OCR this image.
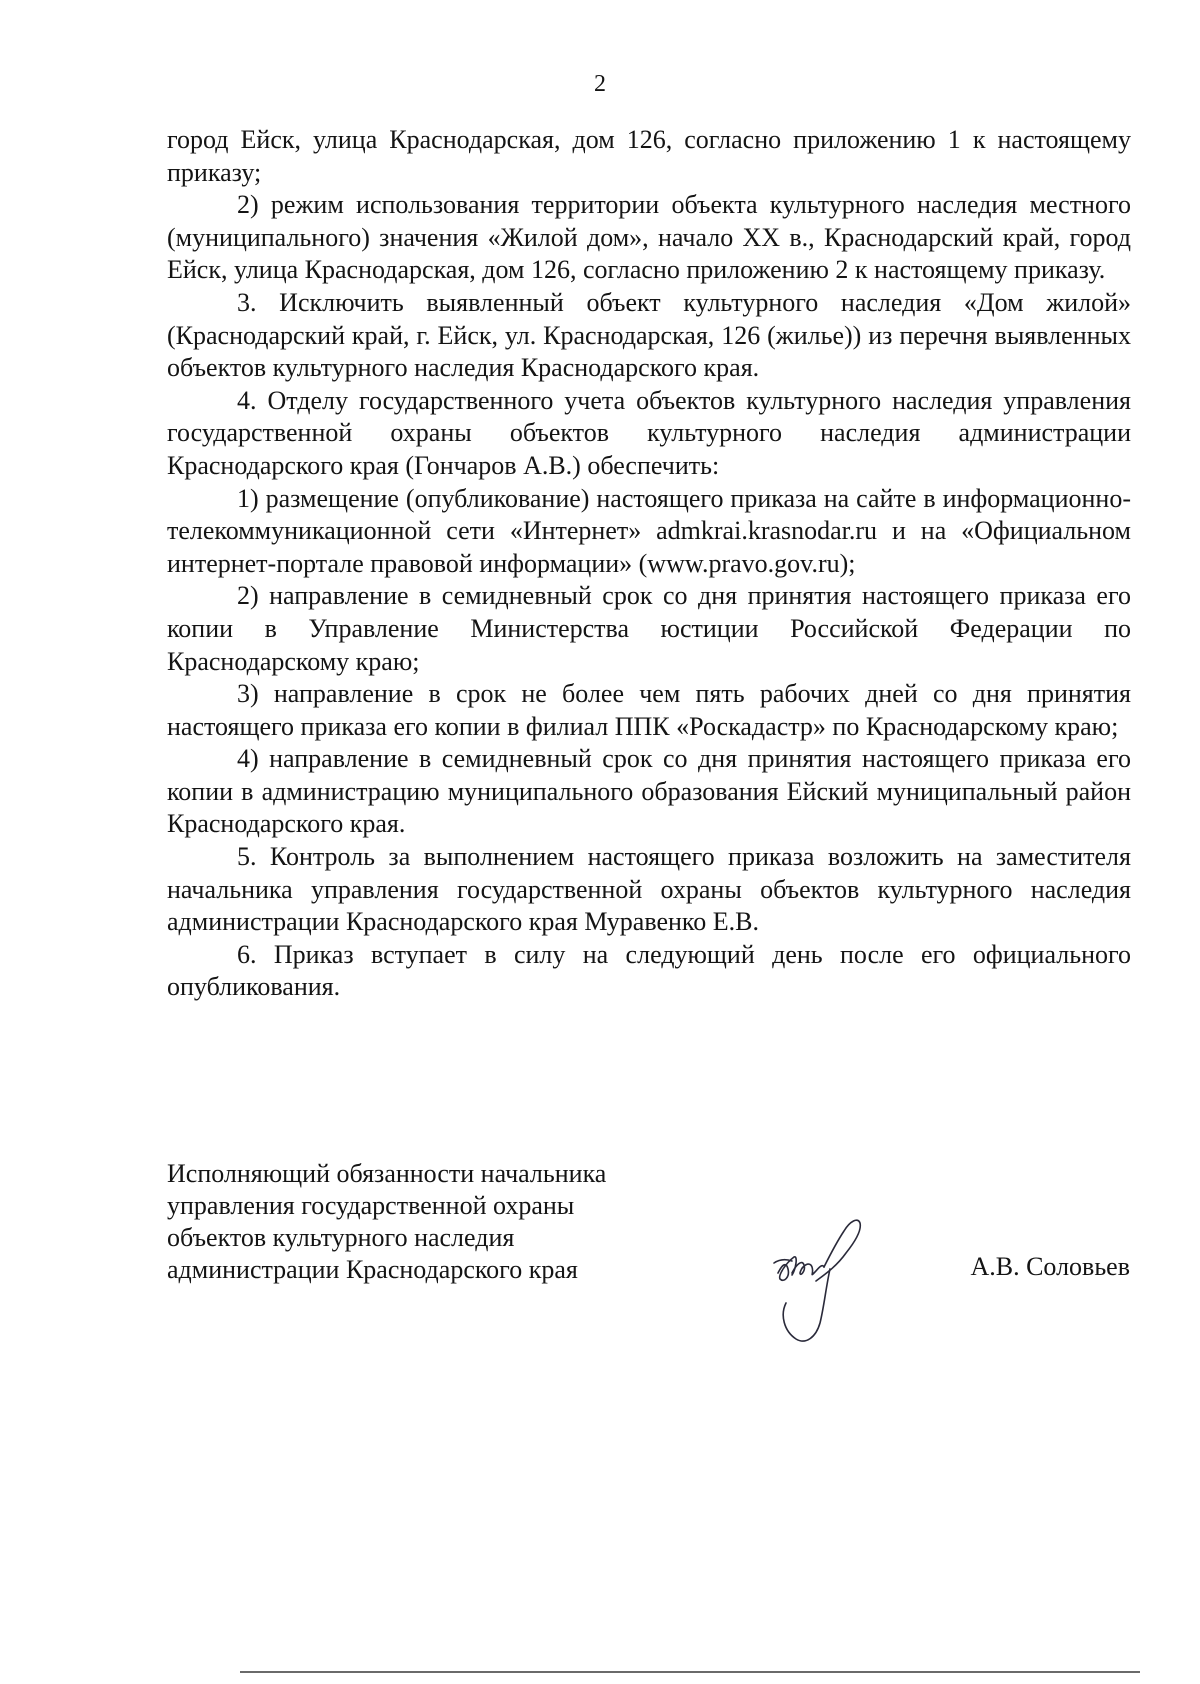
2

город Ейск, улица Краснодарская, дом 126, согласно приложению 1 к настоящему приказу;

2) режим использования территории объекта культурного наследия местного (муниципального) значения «Жилой дом», начало XX в., Краснодарский край, город Ейск, улица Краснодарская, дом 126, согласно приложению 2 к настоящему приказу.

3. Исключить выявленный объект культурного наследия «Дом жилой» (Краснодарский край, г. Ейск, ул. Краснодарская, 126 (жилье)) из перечня выявленных объектов культурного наследия Краснодарского края.

4. Отделу государственного учета объектов культурного наследия управления государственной охраны объектов культурного наследия администрации Краснодарского края (Гончаров А.В.) обеспечить:

1) размещение (опубликование) настоящего приказа на сайте в информационно-телекоммуникационной сети «Интернет» admkrai.krasnodar.ru и на «Официальном интернет-портале правовой информации» (www.pravo.gov.ru);

2) направление в семидневный срок со дня принятия настоящего приказа его копии в Управление Министерства юстиции Российской Федерации по Краснодарскому краю;

3) направление в срок не более чем пять рабочих дней со дня принятия настоящего приказа его копии в филиал ППК «Роскадастр» по Краснодарскому краю;

4) направление в семидневный срок со дня принятия настоящего приказа его копии в администрацию муниципального образования Ейский муниципальный район Краснодарского края.

5. Контроль за выполнением настоящего приказа возложить на заместителя начальника управления государственной охраны объектов культурного наследия администрации Краснодарского края Муравенко Е.В.

6. Приказ вступает в силу на следующий день после его официального опубликования.

Исполняющий обязанности начальника
управления государственной охраны
объектов культурного наследия
администрации Краснодарского края	А.В. Соловьев
